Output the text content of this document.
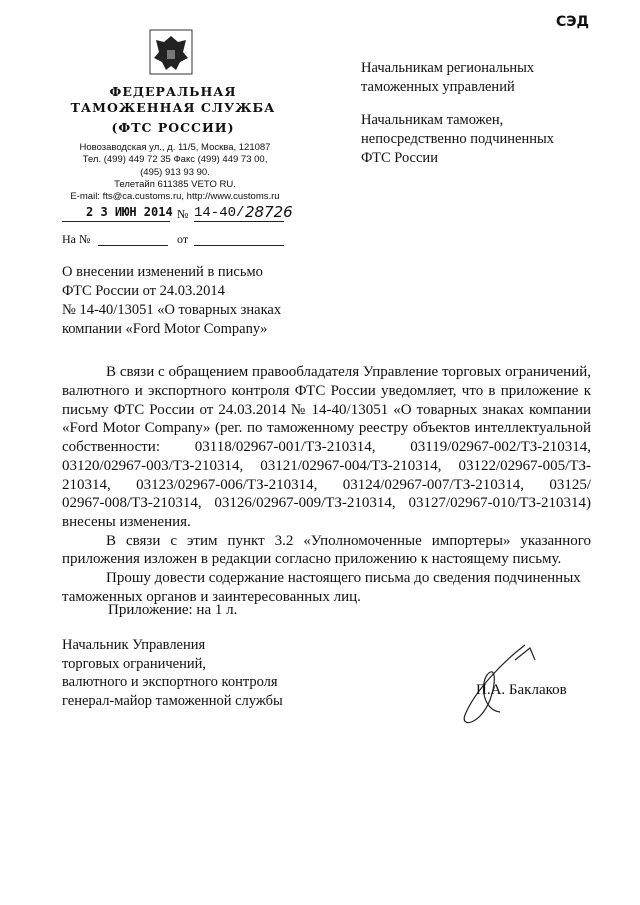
СЭД
ФЕДЕРАЛЬНАЯ
ТАМОЖЕННАЯ СЛУЖБА
(ФТС РОССИИ)
Новозаводская ул., д. 11/5, Москва, 121087
Тел. (499) 449 72 35 Факс (499) 449 73 00,
(495) 913 93 90.
Телетайп 611385 VETO RU.
E-mail: fts@ca.customs.ru, http://www.customs.ru
2 3 ИЮН 2014 № 14-40/ 28726
На №	от
Начальникам региональных
таможенных управлений
Начальникам таможен,
непосредственно подчиненных
ФТС России
О внесении изменений в письмо
ФТС России от 24.03.2014
№ 14-40/13051 «О товарных знаках
компании «Ford Motor Company»
В связи с обращением правообладателя Управление торговых ограничений,
валютного и экспортного контроля ФТС России уведомляет, что в приложение к
письму ФТС России от 24.03.2014 № 14-40/13051 «О товарных знаках компании
«Ford Motor Company» (рег. по таможенному реестру объектов интеллектуальной
собственности: 03118/02967-001/ТЗ-210314, 03119/02967-002/ТЗ-210314,
03120/02967-003/ТЗ-210314, 03121/02967-004/ТЗ-210314, 03122/02967-005/ТЗ-
210314, 03123/02967-006/ТЗ-210314, 03124/02967-007/ТЗ-210314, 03125/
02967-008/ТЗ-210314, 03126/02967-009/ТЗ-210314, 03127/02967-010/ТЗ-210314)
внесены изменения.
В связи с этим пункт 3.2 «Уполномоченные импортеры» указанного
приложения изложен в редакции согласно приложению к настоящему письму.
Прошу довести содержание настоящего письма до сведения подчиненных
таможенных органов и заинтересованных лиц.
Приложение: на 1 л.
Начальник Управления
торговых ограничений,
валютного и экспортного контроля
генерал-майор таможенной службы
П.А. Баклаков
